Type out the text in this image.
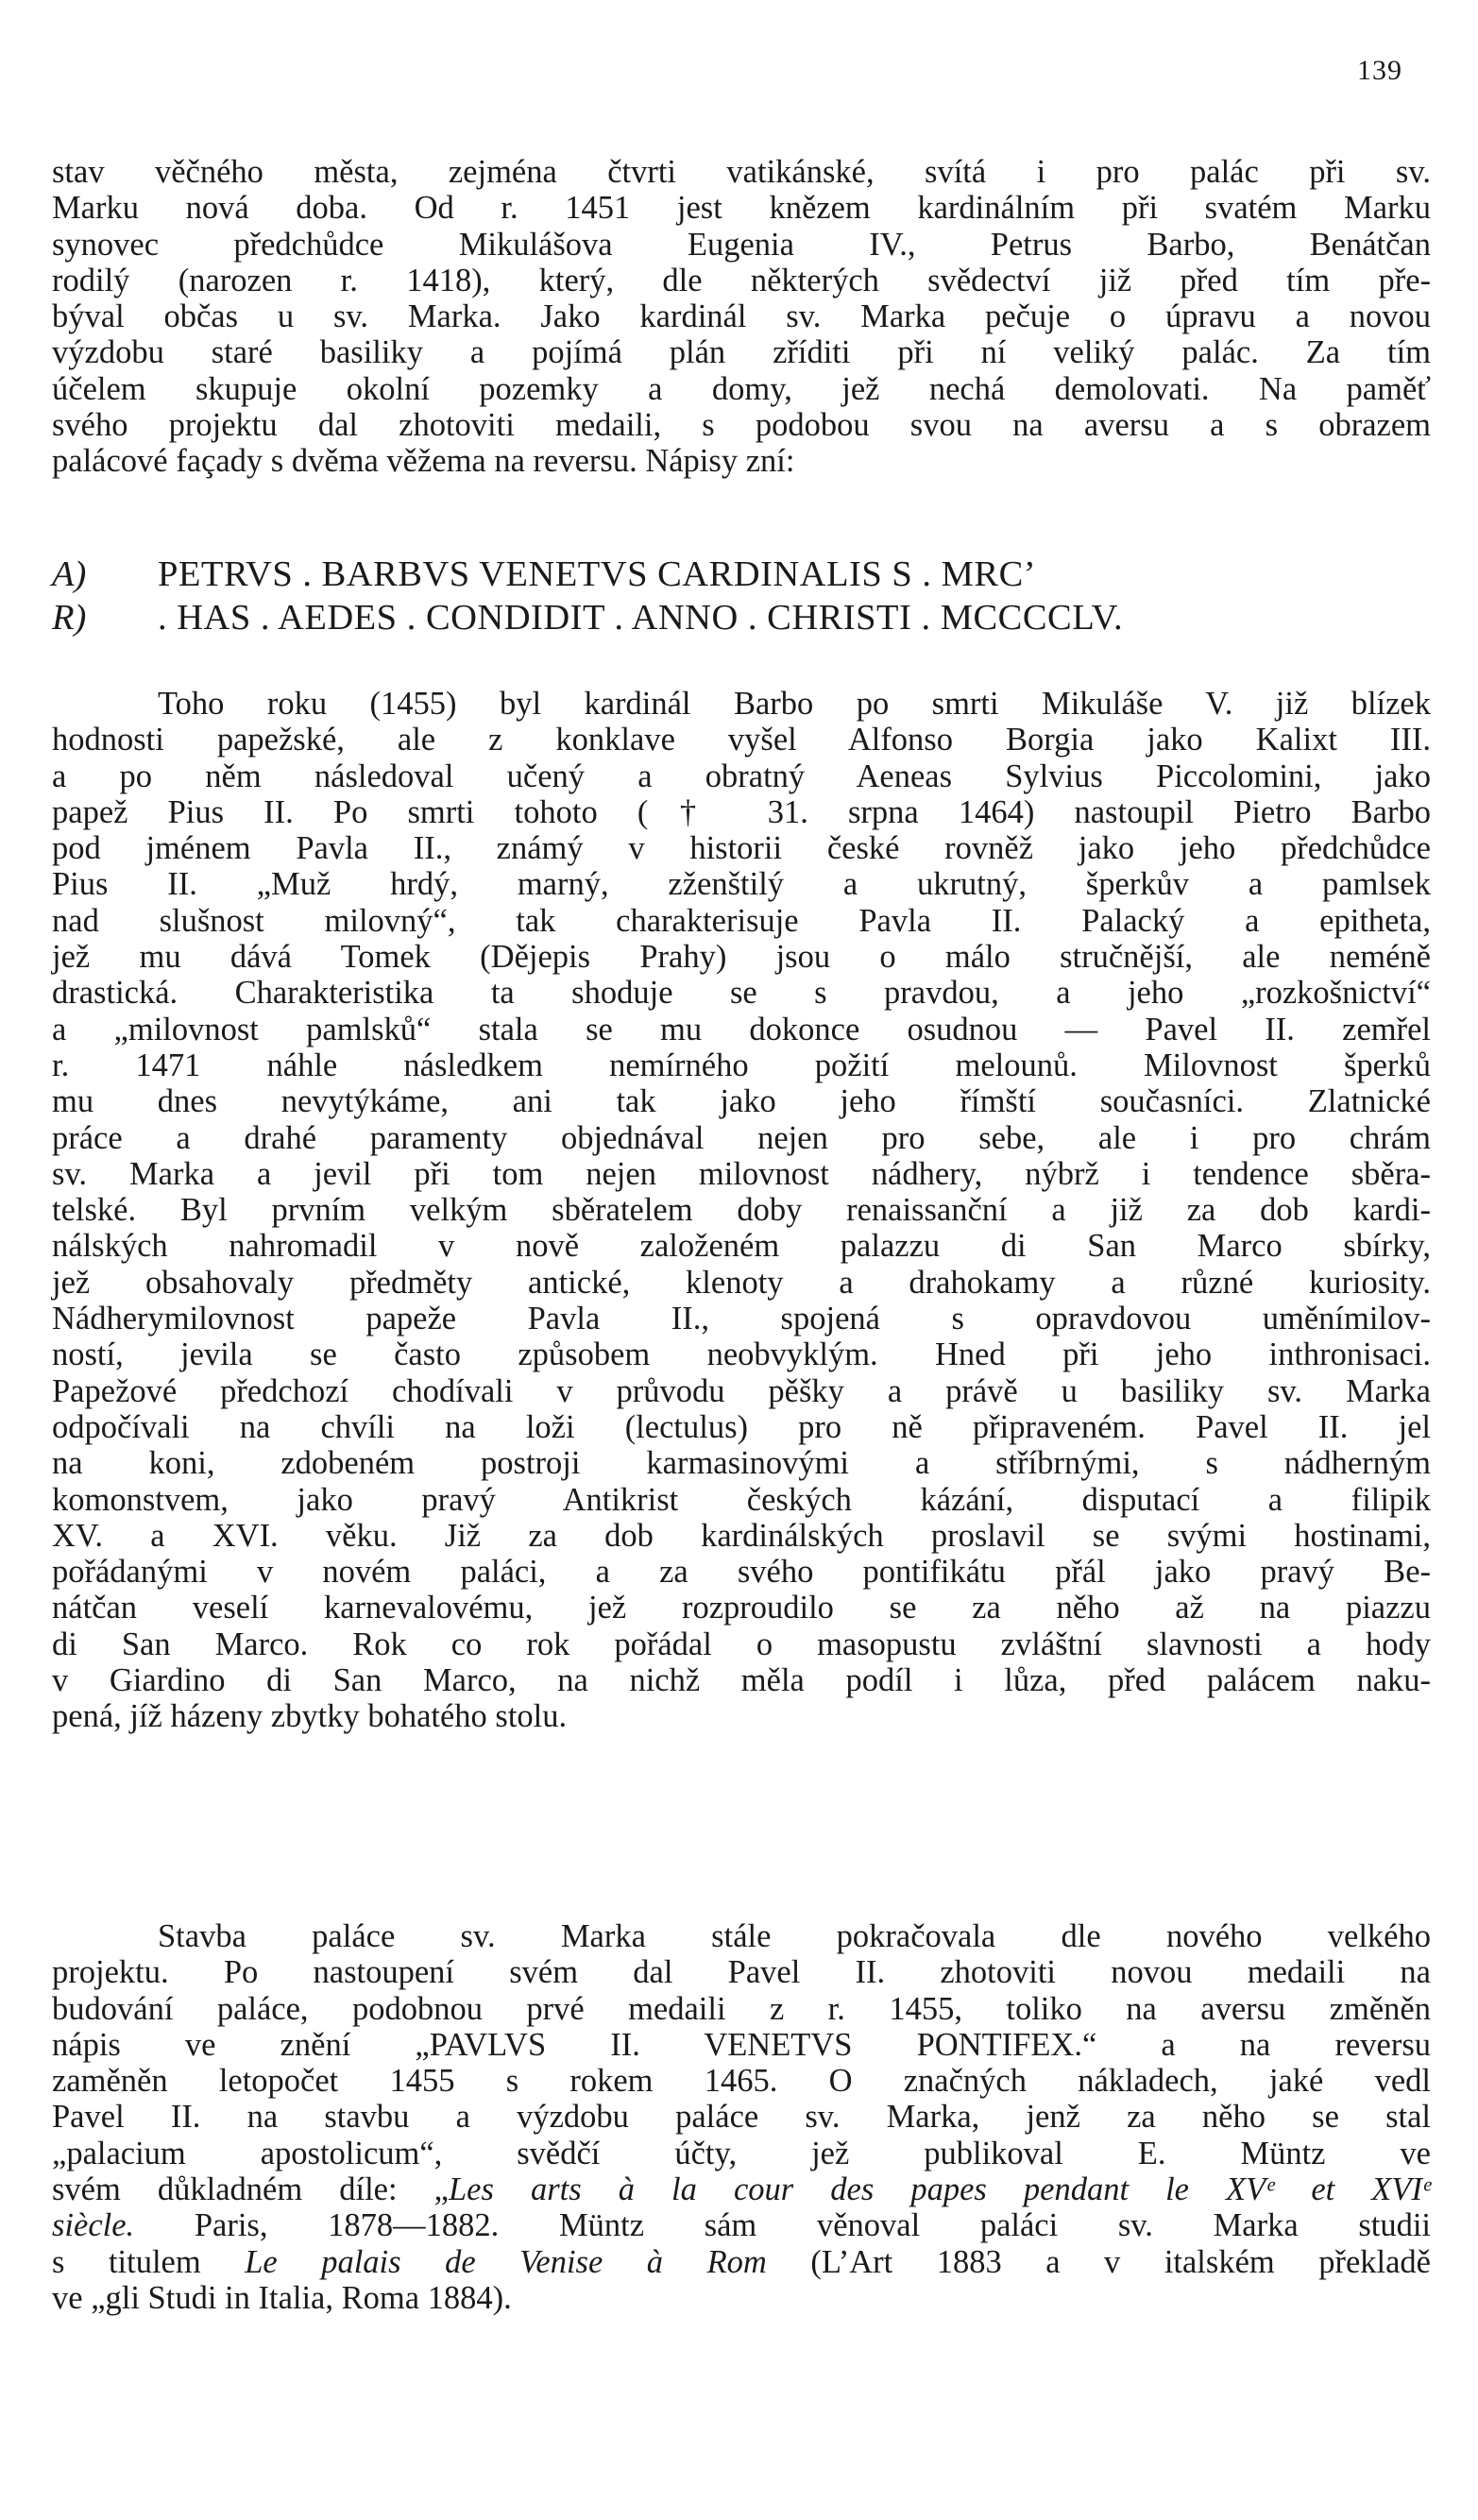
139
stav věčného města, zejména čtvrti vatikánské, svítá i pro palác při sv.
Marku nová doba. Od r. 1451 jest knězem kardinálním při svatém Marku
synovec předchůdce Mikulášova Eugenia IV., Petrus Barbo, Benátčan
rodilý (narozen r. 1418), který, dle některých svědectví již před tím pře-
býval občas u sv. Marka. Jako kardinál sv. Marka pečuje o úpravu a novou
výzdobu staré basiliky a pojímá plán zříditi při ní veliký palác. Za tím
účelem skupuje okolní pozemky a domy, jež nechá demolovati. Na paměť
svého projektu dal zhotoviti medaili, s podobou svou na aversu a s obrazem
palácové façady s dvěma věžema na reversu. Nápisy zní:
A) PETRVS . BARBVS VENETVS CARDINALIS S . MRC’
R) . HAS . AEDES . CONDIDIT . ANNO . CHRISTI . MCCCCLV.
Toho roku (1455) byl kardinál Barbo po smrti Mikuláše V. již blízek
hodnosti papežské, ale z konklave vyšel Alfonso Borgia jako Kalixt III.
a po něm následoval učený a obratný Aeneas Sylvius Piccolomini, jako
papež Pius II. Po smrti tohoto († 31. srpna 1464) nastoupil Pietro Barbo
pod jménem Pavla II., známý v historii české rovněž jako jeho předchůdce
Pius II. „Muž hrdý, marný, zženštilý a ukrutný, šperkův a pamlsek
nad slušnost milovný“, tak charakterisuje Pavla II. Palacký a epitheta,
jež mu dává Tomek (Dějepis Prahy) jsou o málo stručnější, ale neméně
drastická. Charakteristika ta shoduje se s pravdou, a jeho „rozkošnictví“
a „milovnost pamlsků“ stala se mu dokonce osudnou — Pavel II. zemřel
r. 1471 náhle následkem nemírného požití melounů. Milovnost šperků
mu dnes nevytýkáme, ani tak jako jeho římští současníci. Zlatnické
práce a drahé paramenty objednával nejen pro sebe, ale i pro chrám
sv. Marka a jevil při tom nejen milovnost nádhery, nýbrž i tendence sběra-
telské. Byl prvním velkým sběratelem doby renaissanční a již za dob kardi-
nálských nahromadil v nově založeném palazzu di San Marco sbírky,
jež obsahovaly předměty antické, klenoty a drahokamy a různé kuriosity.
Nádherymilovnost papeže Pavla II., spojená s opravdovou uměnímilov-
ností, jevila se často způsobem neobvyklým. Hned při jeho inthronisaci.
Papežové předchozí chodívali v průvodu pěšky a právě u basiliky sv. Marka
odpočívali na chvíli na loži (lectulus) pro ně připraveném. Pavel II. jel
na koni, zdobeném postroji karmasinovými a stříbrnými, s nádherným
komonstvem, jako pravý Antikrist českých kázání, disputací a filipik
XV. a XVI. věku. Již za dob kardinálských proslavil se svými hostinami,
pořádanými v novém paláci, a za svého pontifikátu přál jako pravý Be-
nátčan veselí karnevalovému, jež rozproudilo se za něho až na piazzu
di San Marco. Rok co rok pořádal o masopustu zvláštní slavnosti a hody
v Giardino di San Marco, na nichž měla podíl i lůza, před palácem naku-
pená, jíž házeny zbytky bohatého stolu.
Stavba paláce sv. Marka stále pokračovala dle nového velkého
projektu. Po nastoupení svém dal Pavel II. zhotoviti novou medaili na
budování paláce, podobnou prvé medaili z r. 1455, toliko na aversu změněn
nápis ve znění „PAVLVS II. VENETVS PONTIFEX.“ a na reversu
zaměněn letopočet 1455 s rokem 1465. O značných nákladech, jaké vedl
Pavel II. na stavbu a výzdobu paláce sv. Marka, jenž za něho se stal
„palacium apostolicum“, svědčí účty, jež publikoval E. Müntz ve
svém důkladném díle: „Les arts à la cour des papes pendant le XVᵉ et XVIᵉ
siècle. Paris, 1878—1882. Müntz sám věnoval paláci sv. Marka studii
s titulem Le palais de Venise à Rom (L’Art 1883 a v italském překladě
ve „gli Studi in Italia, Roma 1884).
